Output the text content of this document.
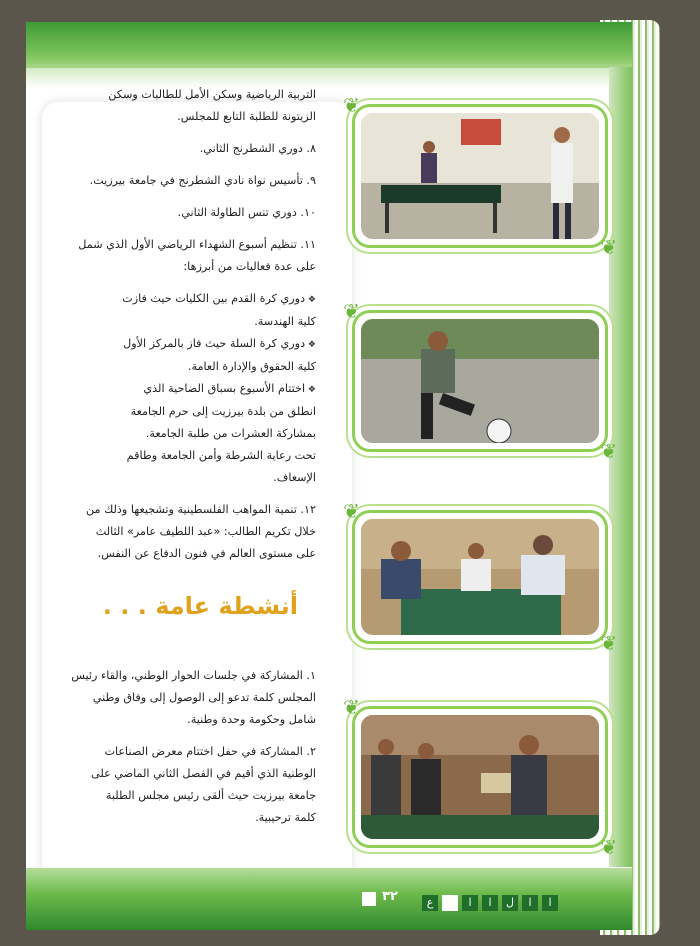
❦
❦
❦
❦
❦
❦
❦
❦
٣٢	ا
ا
ل
ا
ا
ع

التربية الرياضية وسكن الأمل للطالبات وسكن

الزيتونة للطلبة التابع للمجلس.

٨. دوري الشطرنج الثاني.

٩. تأسيس نواة نادي الشطرنج في جامعة بيرزيت.

١٠. دوري تنس الطاولة الثاني.

١١. تنظيم أسبوع الشهداء الرياضي الأول الذي شمل

على عدة فعاليات من أبرزها:

❖ دوري كرة القدم بين الكليات حيث فازت

كلية الهندسة.

❖ دوري كرة السلة حيث فاز بالمركز الأول

كلية الحقوق والإدارة العامة.

❖ اختتام الأسبوع بسباق الضاحية الذي

انطلق من بلدة بيرزيت إلى حرم الجامعة

بمشاركة العشرات من طلبة الجامعة.

تحت رعاية الشرطة وأمن الجامعة وطاقم

الإسعاف.

١٢. تنمية المواهب الفلسطينية وتشجيعها وذلك من

خلال تكريم الطالب: «عبد اللطيف عامر» الثالث

على مستوى العالم في فنون الدفاع عن النفس.

أنشطة عامة . . .

١. المشاركة في جلسات الحوار الوطني، والقاء رئيس

المجلس كلمة تدعو إلى الوصول إلى وفاق وطني

شامل وحكومة وحدة وطنية.

٢. المشاركة في حفل اختتام معرض الصناعات

الوطنية الذي أقيم في الفصل الثاني الماضي على

جامعة بيرزيت حيث ألقى رئيس مجلس الطلبة

كلمة ترحيبية.
